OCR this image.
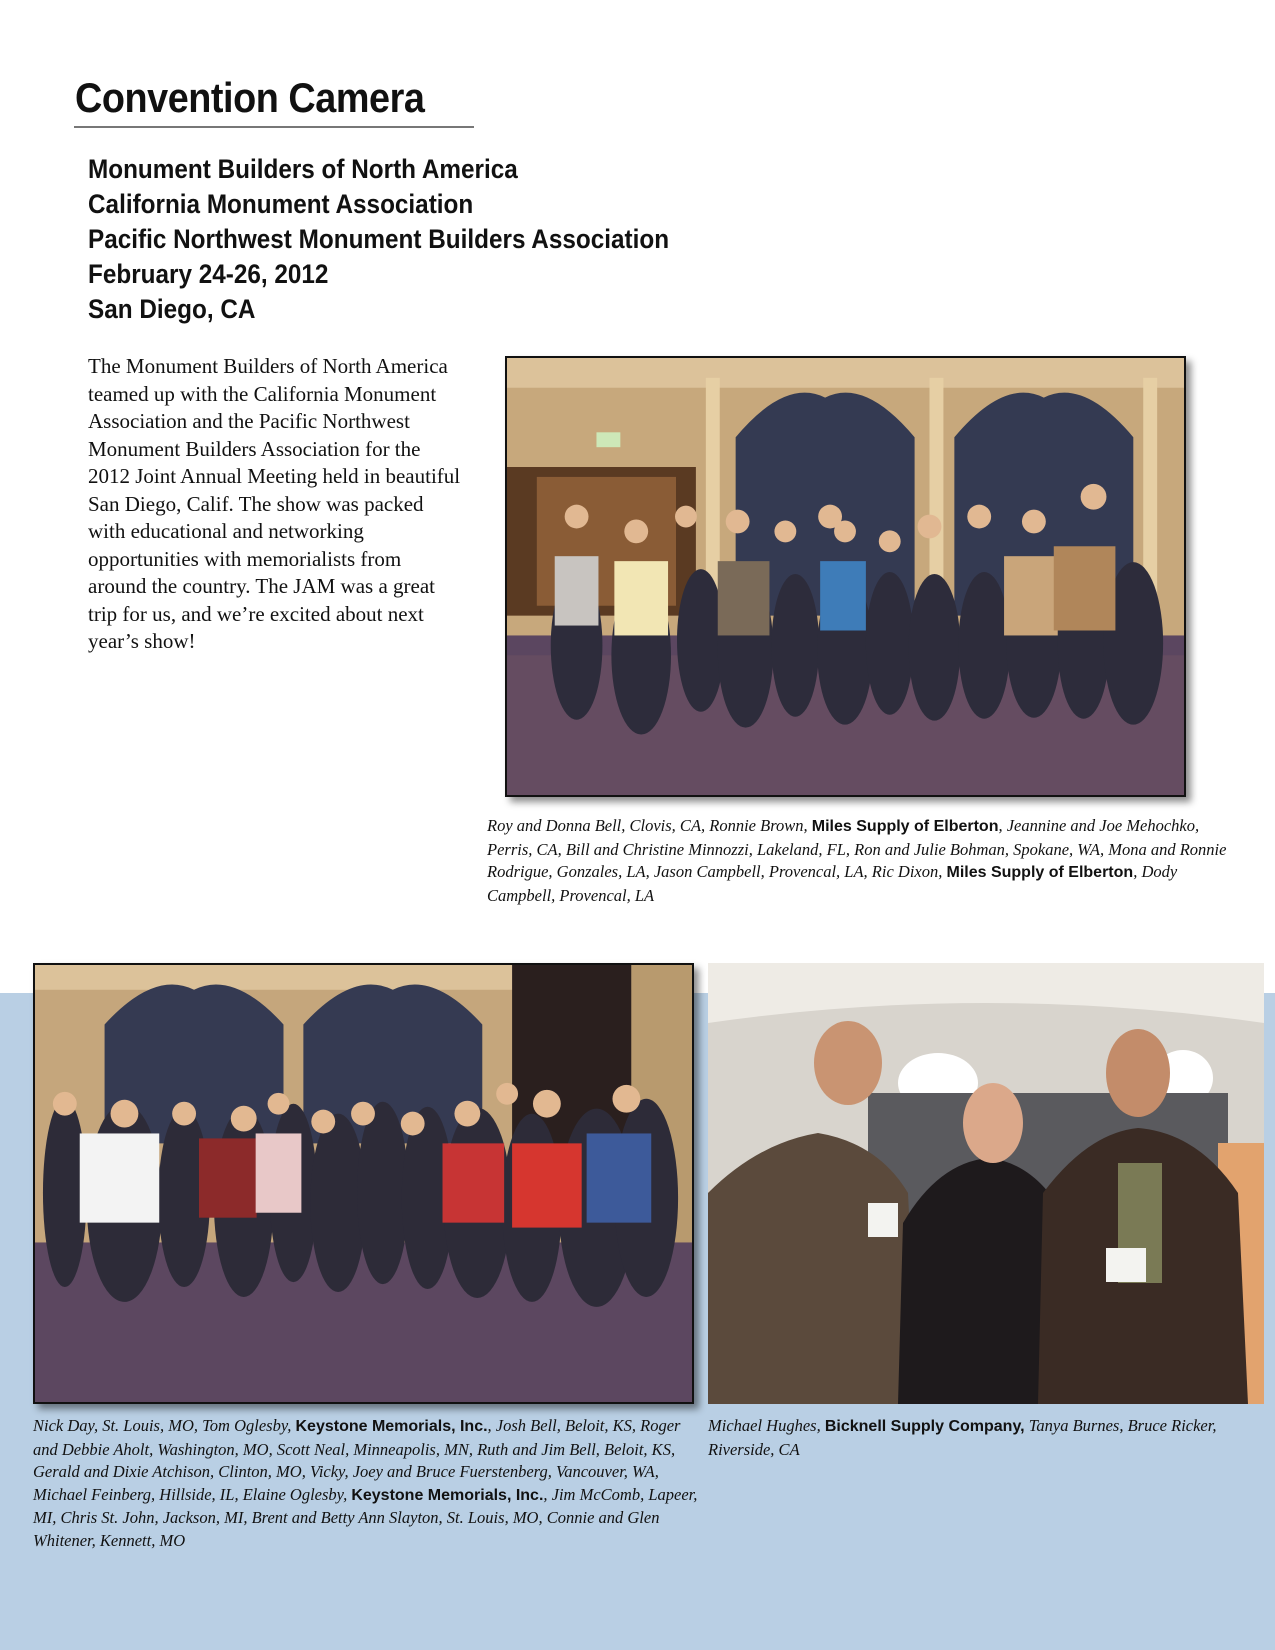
Convention Camera
Monument Builders of North America
California Monument Association
Pacific Northwest Monument Builders Association
February 24-26, 2012
San Diego, CA

The Monument Builders of North America teamed up with the California Monument Association and the Pacific Northwest Monument Builders Association for the 2012 Joint Annual Meeting held in beautiful San Diego, Calif. The show was packed with educational and networking opportunities with memorialists from around the country. The JAM was a great trip for us, and we’re excited about next year’s show!

Roy and Donna Bell, Clovis, CA, Ronnie Brown, Miles Supply of Elberton, Jeannine and Joe Mehochko, Perris, CA, Bill and Christine Minnozzi, Lakeland, FL, Ron and Julie Bohman, Spokane, WA, Mona and Ronnie Rodrigue, Gonzales, LA, Jason Campbell, Provencal, LA, Ric Dixon, Miles Supply of Elberton, Dody Campbell, Provencal, LA
Nick Day, St. Louis, MO, Tom Oglesby, Keystone Memorials, Inc., Josh Bell, Beloit, KS, Roger and Debbie Aholt, Washington, MO, Scott Neal, Minneapolis, MN, Ruth and Jim Bell, Beloit, KS, Gerald and Dixie Atchison, Clinton, MO, Vicky, Joey and Bruce Fuerstenberg, Vancouver, WA, Michael Feinberg, Hillside, IL, Elaine Oglesby, Keystone Memorials, Inc., Jim McComb, Lapeer, MI, Chris St. John, Jackson, MI, Brent and Betty Ann Slayton, St. Louis, MO, Connie and Glen Whitener, Kennett, MO
Michael Hughes, Bicknell Supply Company, Tanya Burnes, Bruce Ricker, Riverside, CA
